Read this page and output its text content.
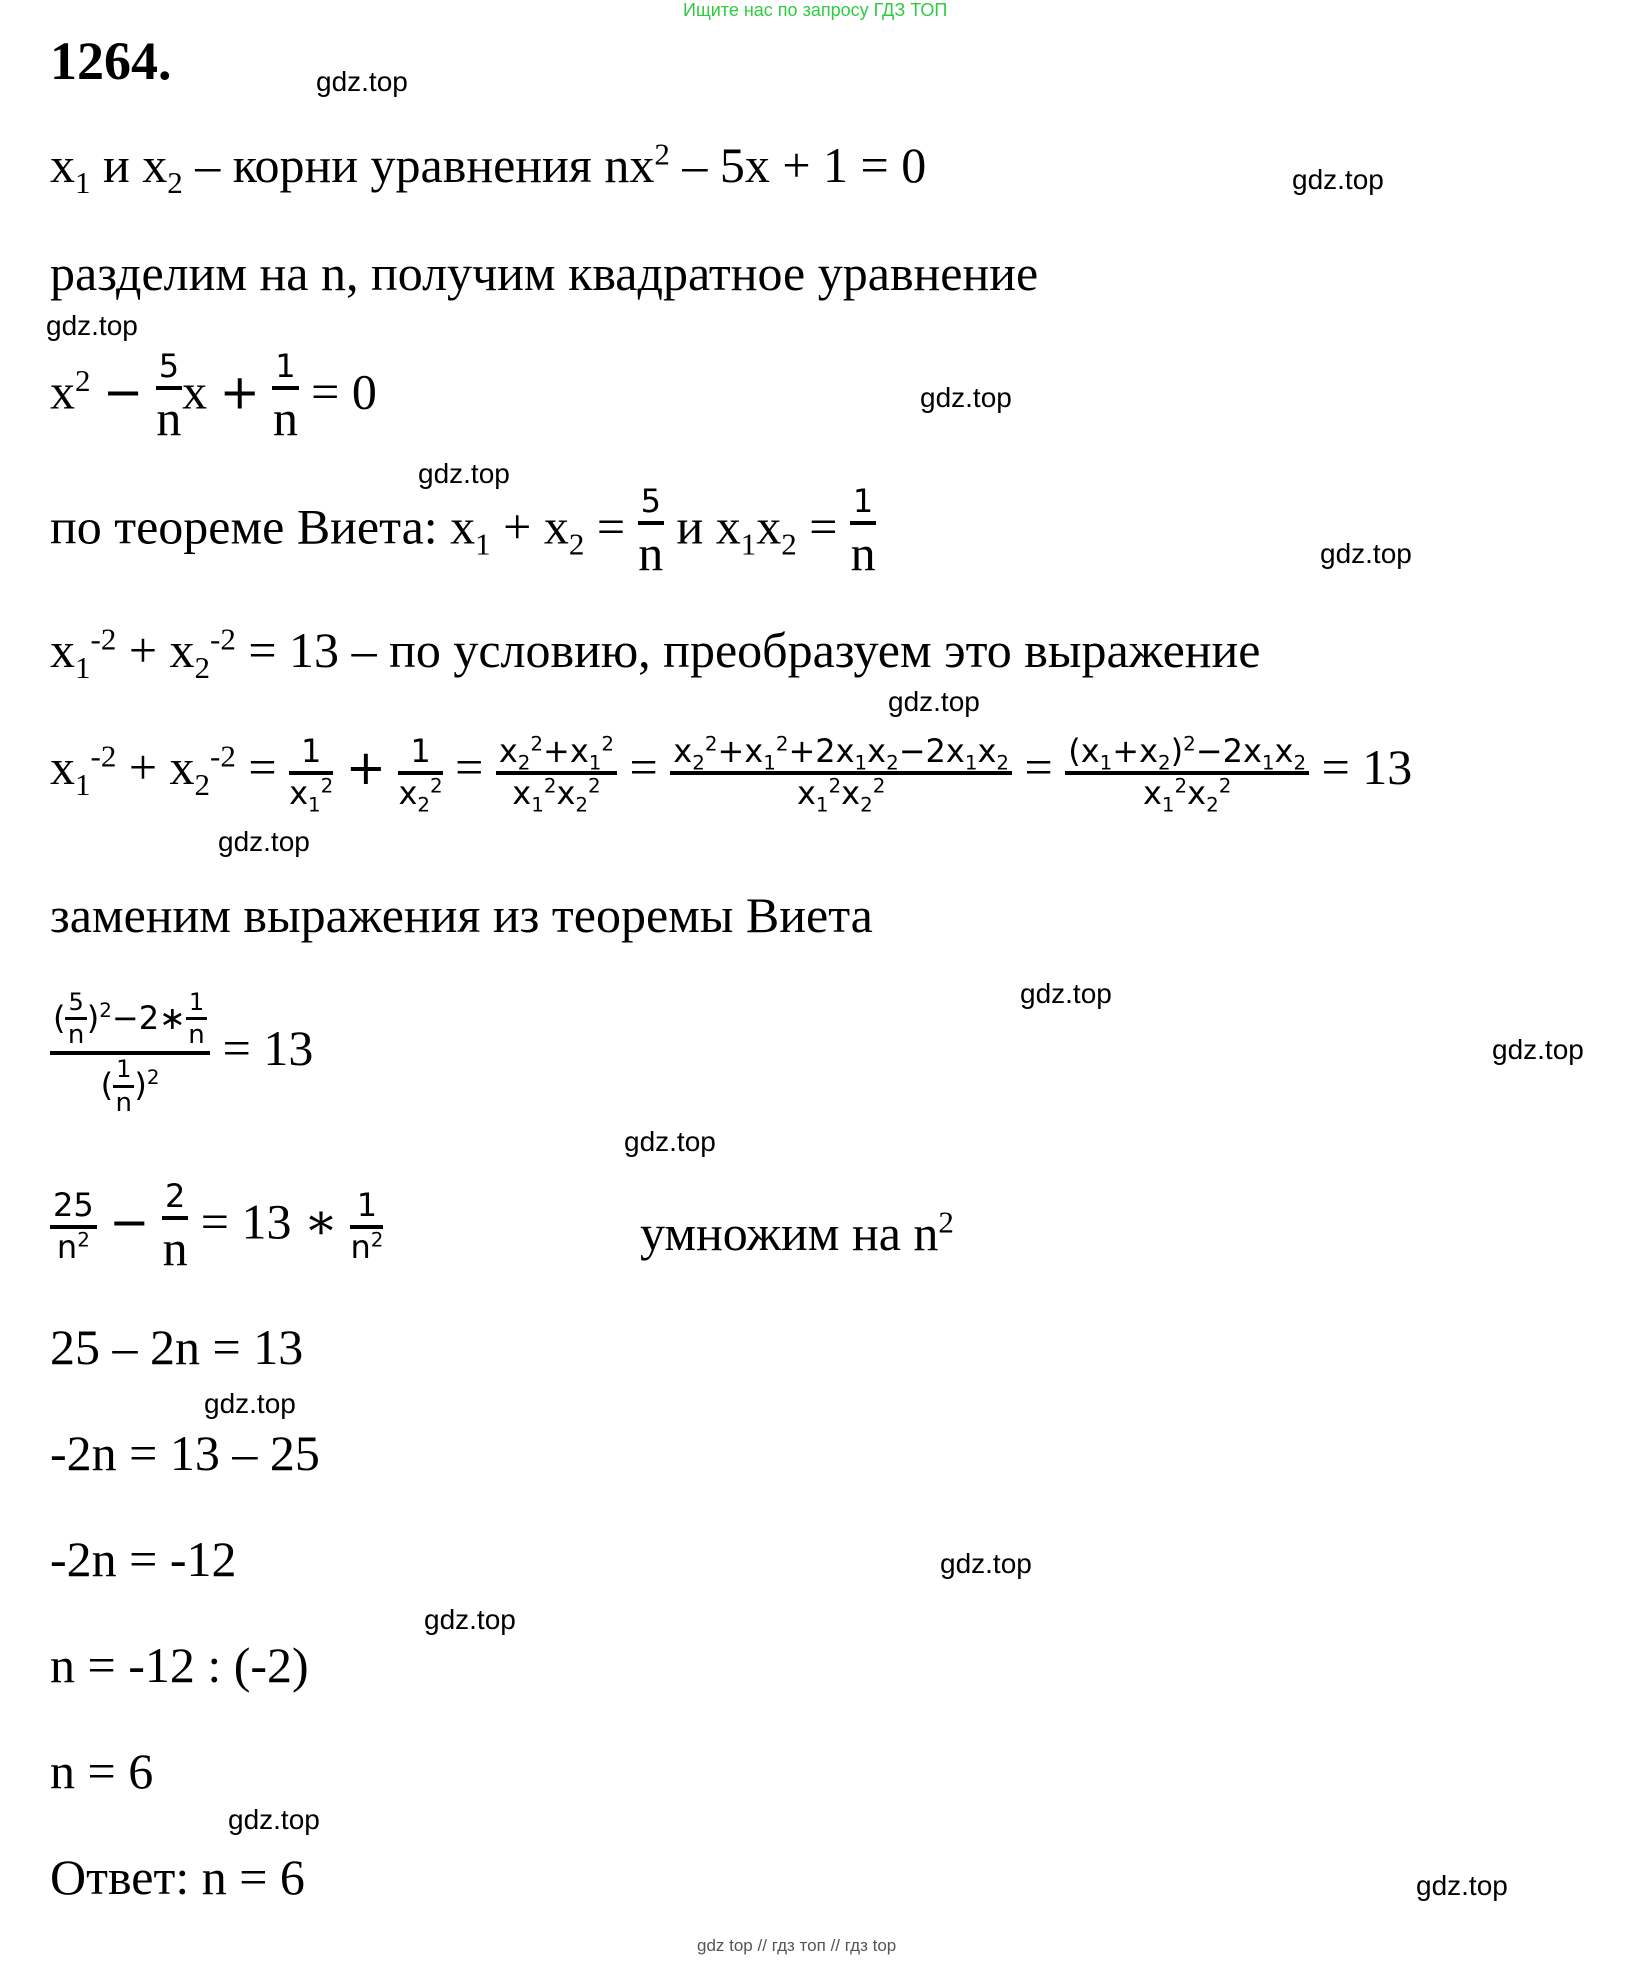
Ищите нас по запросу ГДЗ ТОП
1264.
$x_1$ и $x_2$ – корни уравнения $nx^2 - 5x + 1 = 0$
разделим на n, получим квадратное уравнение
$x^2 - \frac{5}{n}$ $x + \frac{1}{n} = 0$
по теореме Виета: $x_1 + x_2 = \frac{5}{n}$ и $x_1x_2 = \frac{1}{n}$
$x_1^{-2} + x_2^{-2} = 13$ – по условию, преобразуем это выражение
$x_1^{-2} + x_2^{-2} = \frac{1}{x_1^2} + \frac{1}{x_2^2} = \frac{x_2^2+x_1^2}{x_1^2x_2^2} = \frac{x_2^2+x_1^2+2x_1x_2-2x_1x_2}{x_1^2x_2^2} = \frac{(x_1+x_2)^2-2x_1x_2}{x_1^2x_2^2} = 13$
заменим выражения из теоремы Виета
$\frac{( \frac{5}{n} )^2-2∗ \frac{1}{n}}{( \frac{1}{n} )^2} = 13$
$\frac{25}{n^2} - \frac{2}{n} = 13$ ∗ $\frac{1}{n^2}$	умножим на $n^2$
25 – 2n = 13
-2n = 13 – 25
-2n = -12
n = -12 : (-2)
n = 6
Ответ: n = 6
gdz.top
gdz.top
gdz.top
gdz.top
gdz.top
gdz.top
gdz.top
gdz.top
gdz.top
gdz.top
gdz.top
gdz.top
gdz.top
gdz.top
gdz.top
gdz.top
gdz top // гдз топ // гдз top
